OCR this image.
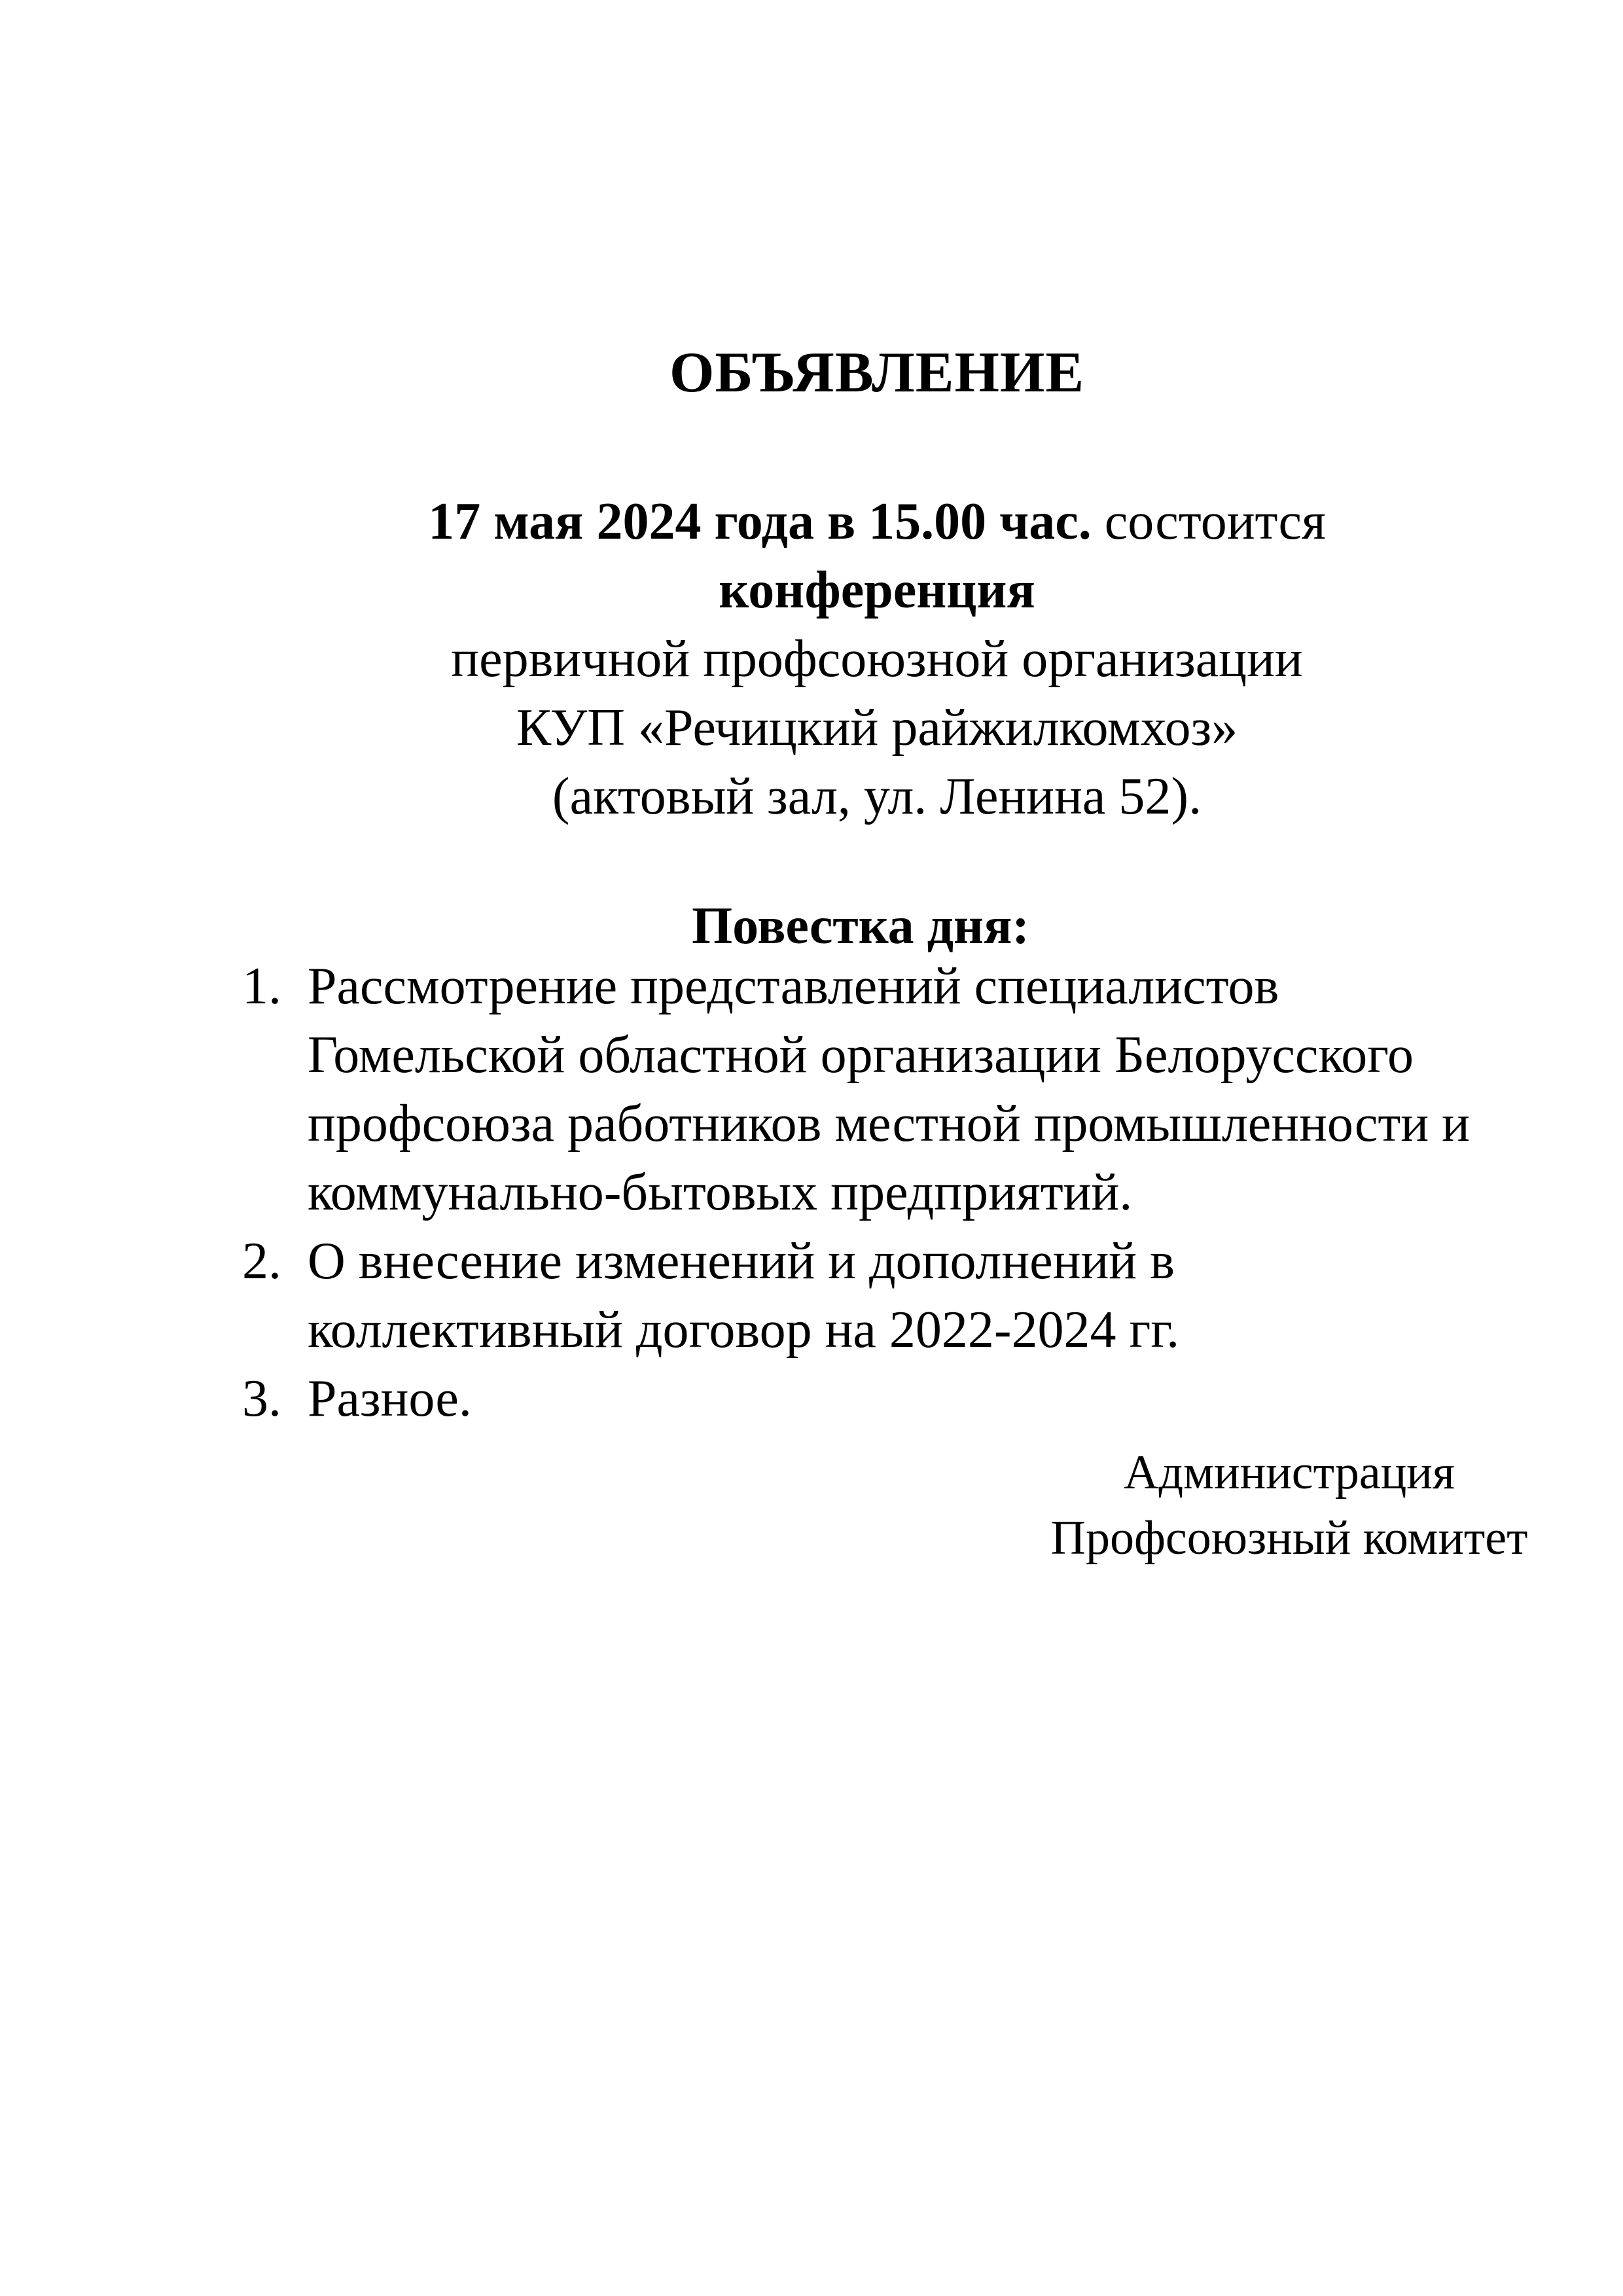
ОБЪЯВЛЕНИЕ
17 мая 2024 года в 15.00 час. состоится
конференция
первичной профсоюзной организации
КУП «Речицкий райжилкомхоз»
(актовый зал, ул. Ленина 52).
Повестка дня:
1. Рассмотрение представлений специалистов
Гомельской областной организации Белорусского
профсоюза работников местной промышленности и
коммунально-бытовых предприятий.
2. О внесение изменений и дополнений в
коллективный договор на 2022-2024 гг.
3. Разное.
Администрация
Профсоюзный комитет
